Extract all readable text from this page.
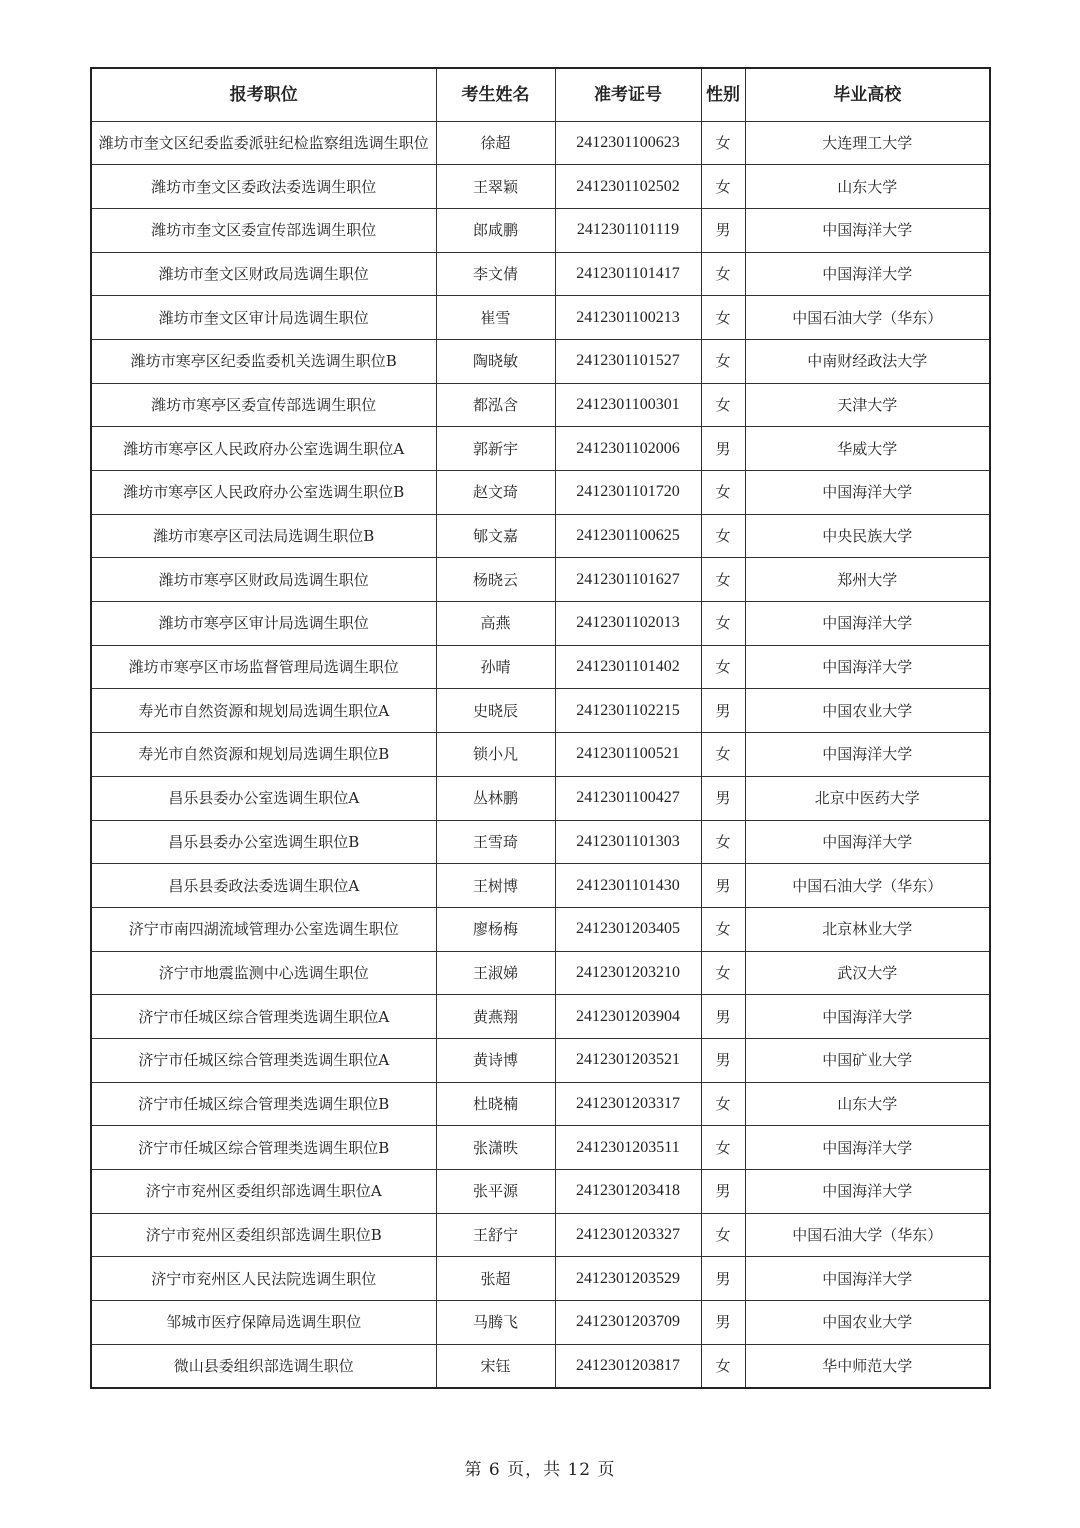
报考职位	考生姓名	准考证号	性别	毕业高校
潍坊市奎文区纪委监委派驻纪检监察组选调生职位	徐超	2412301100623	女	大连理工大学
潍坊市奎文区委政法委选调生职位	王翠颖	2412301102502	女	山东大学
潍坊市奎文区委宣传部选调生职位	郎咸鹏	2412301101119	男	中国海洋大学
潍坊市奎文区财政局选调生职位	李文倩	2412301101417	女	中国海洋大学
潍坊市奎文区审计局选调生职位	崔雪	2412301100213	女	中国石油大学（华东）
潍坊市寒亭区纪委监委机关选调生职位B	陶晓敏	2412301101527	女	中南财经政法大学
潍坊市寒亭区委宣传部选调生职位	都泓含	2412301100301	女	天津大学
潍坊市寒亭区人民政府办公室选调生职位A	郭新宇	2412301102006	男	华威大学
潍坊市寒亭区人民政府办公室选调生职位B	赵文琦	2412301101720	女	中国海洋大学
潍坊市寒亭区司法局选调生职位B	郇文嘉	2412301100625	女	中央民族大学
潍坊市寒亭区财政局选调生职位	杨晓云	2412301101627	女	郑州大学
潍坊市寒亭区审计局选调生职位	高燕	2412301102013	女	中国海洋大学
潍坊市寒亭区市场监督管理局选调生职位	孙晴	2412301101402	女	中国海洋大学
寿光市自然资源和规划局选调生职位A	史晓辰	2412301102215	男	中国农业大学
寿光市自然资源和规划局选调生职位B	锁小凡	2412301100521	女	中国海洋大学
昌乐县委办公室选调生职位A	丛林鹏	2412301100427	男	北京中医药大学
昌乐县委办公室选调生职位B	王雪琦	2412301101303	女	中国海洋大学
昌乐县委政法委选调生职位A	王树博	2412301101430	男	中国石油大学（华东）
济宁市南四湖流域管理办公室选调生职位	廖杨梅	2412301203405	女	北京林业大学
济宁市地震监测中心选调生职位	王淑娣	2412301203210	女	武汉大学
济宁市任城区综合管理类选调生职位A	黄燕翔	2412301203904	男	中国海洋大学
济宁市任城区综合管理类选调生职位A	黄诗博	2412301203521	男	中国矿业大学
济宁市任城区综合管理类选调生职位B	杜晓楠	2412301203317	女	山东大学
济宁市任城区综合管理类选调生职位B	张潇昳	2412301203511	女	中国海洋大学
济宁市兖州区委组织部选调生职位A	张平源	2412301203418	男	中国海洋大学
济宁市兖州区委组织部选调生职位B	王舒宁	2412301203327	女	中国石油大学（华东）
济宁市兖州区人民法院选调生职位	张超	2412301203529	男	中国海洋大学
邹城市医疗保障局选调生职位	马腾飞	2412301203709	男	中国农业大学
微山县委组织部选调生职位	宋钰	2412301203817	女	华中师范大学
第 6 页，共 12 页
